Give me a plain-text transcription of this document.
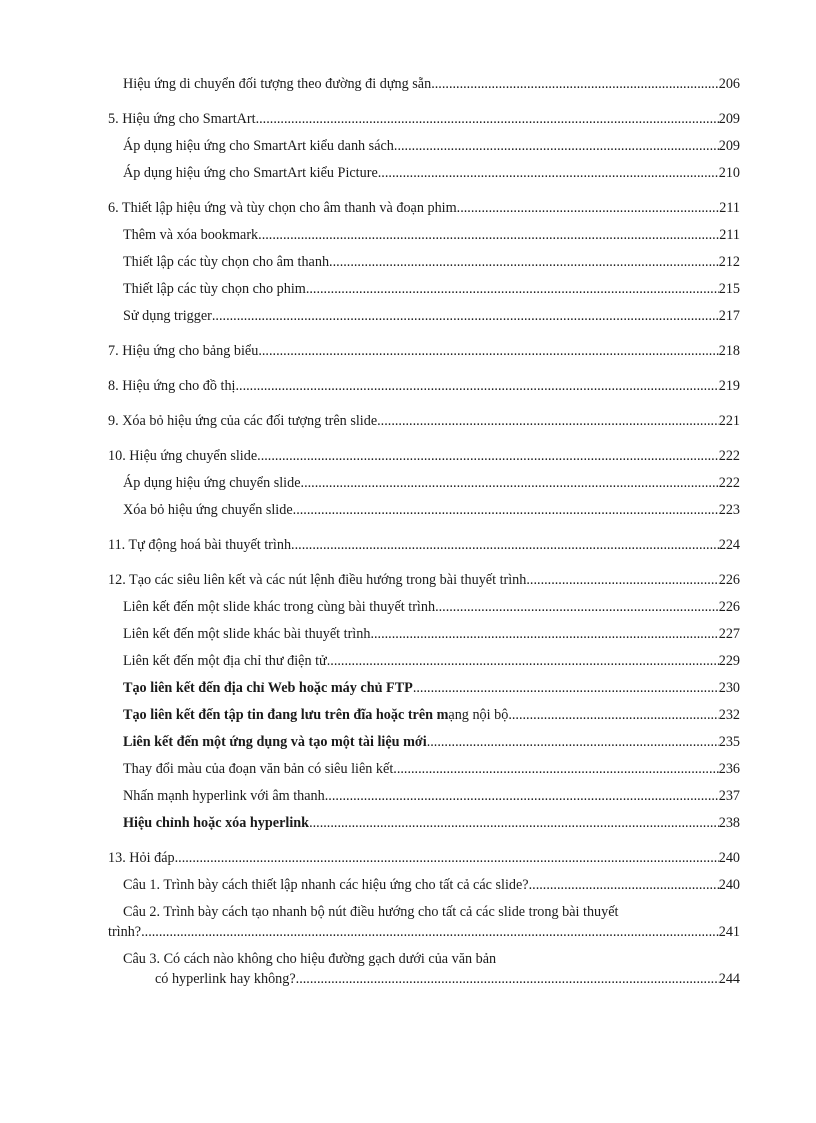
Hiệu ứng di chuyển đối tượng theo đường đi dựng sẵn .....	206
5. Hiệu ứng cho SmartArt .....	209
Áp dụng hiệu ứng cho SmartArt kiểu danh sách .....	209
Áp dụng hiệu ứng cho SmartArt kiểu Picture .....	210
6. Thiết lập hiệu ứng và tùy chọn cho âm thanh và đoạn phim .....	211
Thêm và xóa bookmark .....	211
Thiết lập các tùy chọn cho âm thanh .....	212
Thiết lập các tùy chọn cho phim .....	215
Sử dụng trigger .....	217
7. Hiệu ứng cho bảng biểu .....	218
8. Hiệu ứng cho đồ thị .....	219
9. Xóa bỏ hiệu ứng của các đối tượng trên slide .....	221
10. Hiệu ứng chuyển slide .....	222
Áp dụng hiệu ứng chuyển slide .....	222
Xóa bỏ hiệu ứng chuyển slide .....	223
11. Tự động hoá bài thuyết trình .....	224
12. Tạo các siêu liên kết và các nút lệnh điều hướng trong bài thuyết trình .....	226
Liên kết đến một slide khác trong cùng bài thuyết trình .....	226
Liên kết đến một slide khác bài thuyết trình .....	227
Liên kết đến một địa chỉ thư điện tử .....	229
Tạo liên kết đến địa chỉ Web hoặc máy chủ FTP .....	230
Tạo liên kết đến tập tin đang lưu trên đĩa hoặc trên mạng nội bộ .....	232
Liên kết đến một ứng dụng và tạo một tài liệu mới .....	235
Thay đổi màu của đoạn văn bản có siêu liên kết .....	236
Nhấn mạnh hyperlink với âm thanh .....	237
Hiệu chỉnh hoặc xóa hyperlink .....	238
13. Hỏi đáp .....	240
Câu 1. Trình bày cách thiết lập nhanh các hiệu ứng cho tất cả các slide? .....	240
Câu 2. Trình bày cách tạo nhanh bộ nút điều hướng cho tất cả các slide trong bài thuyết
trình? .....	241
Câu 3. Có cách nào không cho hiệu đường gạch dưới của văn bản
có hyperlink hay không? .....	244
